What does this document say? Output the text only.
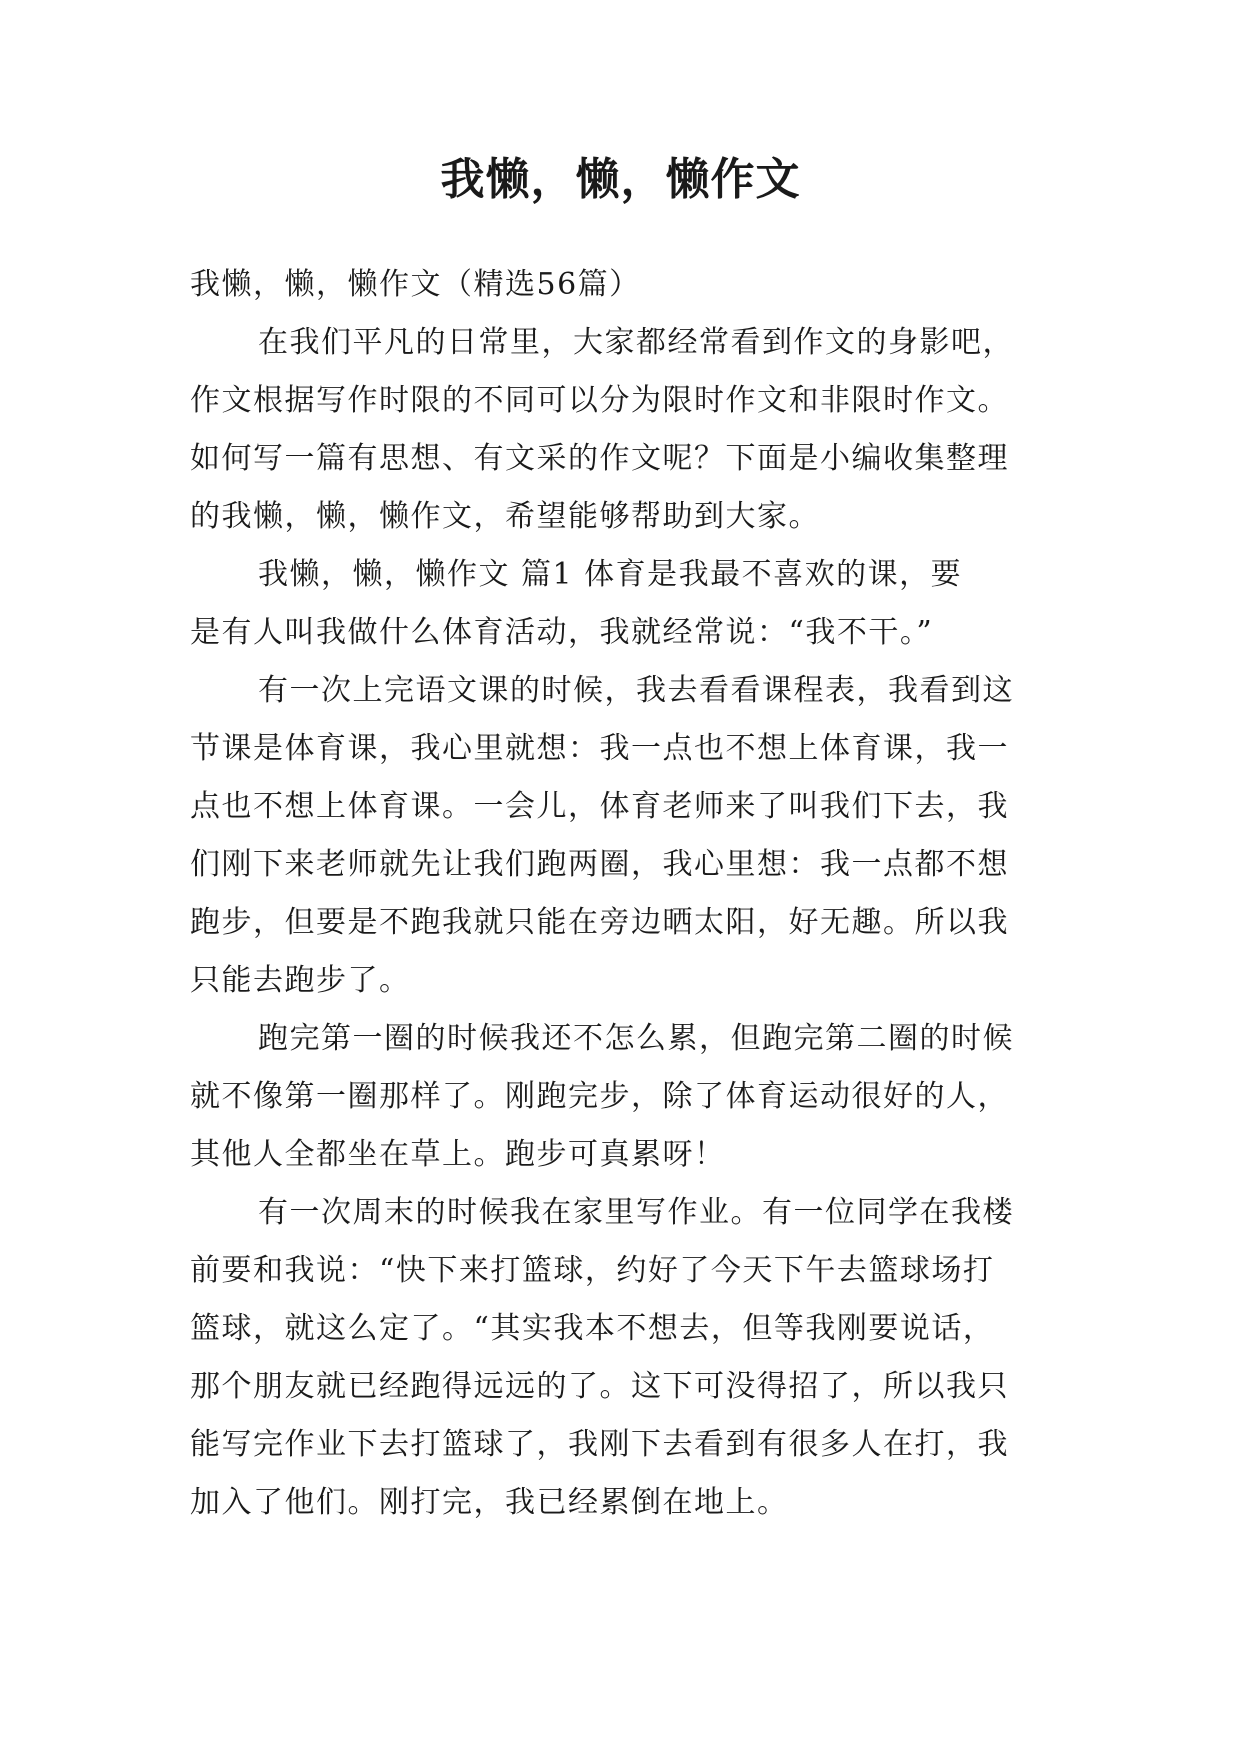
我懒，懒，懒作文
我懒，懒，懒作文（精选56篇）
在我们平凡的日常里，大家都经常看到作文的身影吧，
作文根据写作时限的不同可以分为限时作文和非限时作文。
如何写一篇有思想、有文采的作文呢？下面是小编收集整理
的我懒，懒，懒作文，希望能够帮助到大家。
我懒，懒，懒作文 篇1 体育是我最不喜欢的课，要
是有人叫我做什么体育活动，我就经常说：“我不干。”
有一次上完语文课的时候，我去看看课程表，我看到这
节课是体育课，我心里就想：我一点也不想上体育课，我一
点也不想上体育课。一会儿，体育老师来了叫我们下去，我
们刚下来老师就先让我们跑两圈，我心里想：我一点都不想
跑步，但要是不跑我就只能在旁边晒太阳，好无趣。所以我
只能去跑步了。
跑完第一圈的时候我还不怎么累，但跑完第二圈的时候
就不像第一圈那样了。刚跑完步，除了体育运动很好的人，
其他人全都坐在草上。跑步可真累呀！
有一次周末的时候我在家里写作业。有一位同学在我楼
前要和我说：“快下来打篮球，约好了今天下午去篮球场打
篮球，就这么定了。“其实我本不想去，但等我刚要说话，
那个朋友就已经跑得远远的了。这下可没得招了，所以我只
能写完作业下去打篮球了，我刚下去看到有很多人在打，我
加入了他们。刚打完，我已经累倒在地上。
